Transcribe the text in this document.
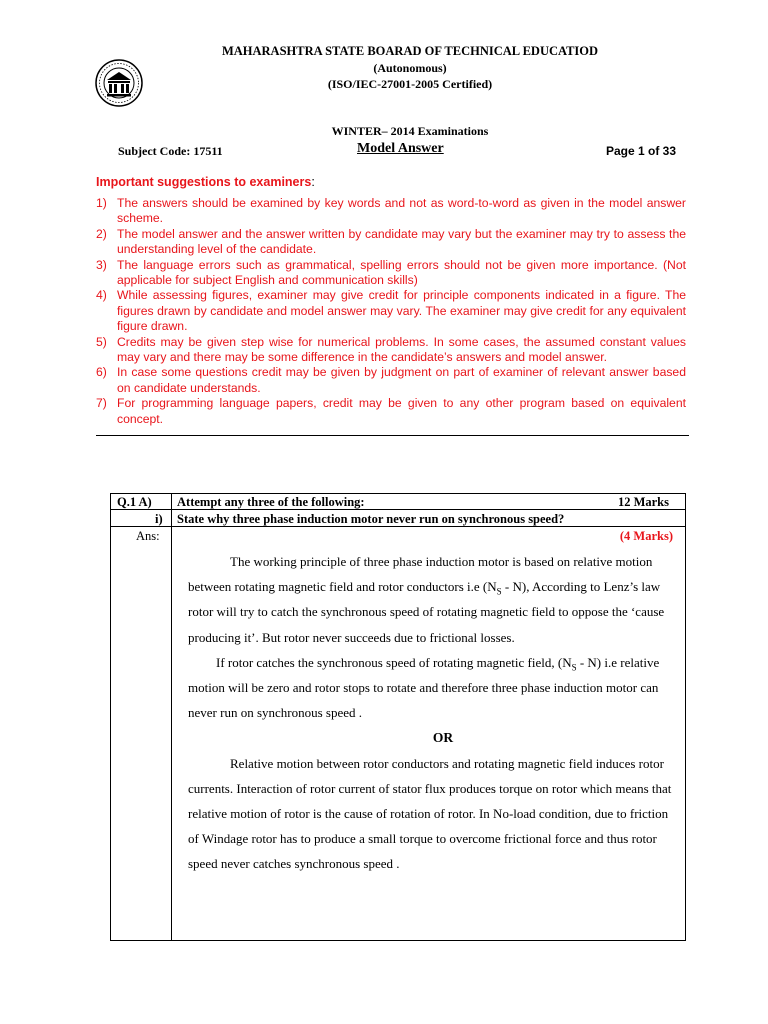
MAHARASHTRA STATE BOARAD OF TECHNICAL EDUCATIOD
(Autonomous)
(ISO/IEC-27001-2005 Certified)
WINTER– 2014 Examinations
Subject Code: 17511	Model Answer	Page 1 of 33
Important suggestions to examiners:
1) The answers should be examined by key words and not as word-to-word as given in the model answer scheme.
2) The model answer and the answer written by candidate may vary but the examiner may try to assess the understanding level of the candidate.
3) The language errors such as grammatical, spelling errors should not be given more importance. (Not applicable for subject English and communication skills)
4) While assessing figures, examiner may give credit for principle components indicated in a figure. The figures drawn by candidate and model answer may vary. The examiner may give credit for any equivalent figure drawn.
5) Credits may be given step wise for numerical problems. In some cases, the assumed constant values may vary and there may be some difference in the candidate’s answers and model answer.
6) In case some questions credit may be given by judgment on part of examiner of relevant answer based on candidate understands.
7) For programming language papers, credit may be given to any other program based on equivalent concept.
Q.1 A) Attempt any three of the following:	12 Marks
i) State why three phase induction motor never run on synchronous speed?
Ans:	(4 Marks)

The working principle of three phase induction motor is based on relative motion between rotating magnetic field and rotor conductors i.e $(N_S - N)$, According to Lenz’s law rotor will try to catch the synchronous speed of rotating magnetic field to oppose the ‘cause producing it’. But rotor never succeeds due to frictional losses.

If rotor catches the synchronous speed of rotating magnetic field, $(N_S - N)$ i.e relative motion will be zero and rotor stops to rotate and therefore three phase induction motor can never run on synchronous speed .

OR

Relative motion between rotor conductors and rotating magnetic field induces rotor currents. Interaction of rotor current of stator flux produces torque on rotor which means that relative motion of rotor is the cause of rotation of rotor. In No-load condition, due to friction of Windage rotor has to produce a small torque to overcome frictional force and thus rotor speed never catches synchronous speed .
